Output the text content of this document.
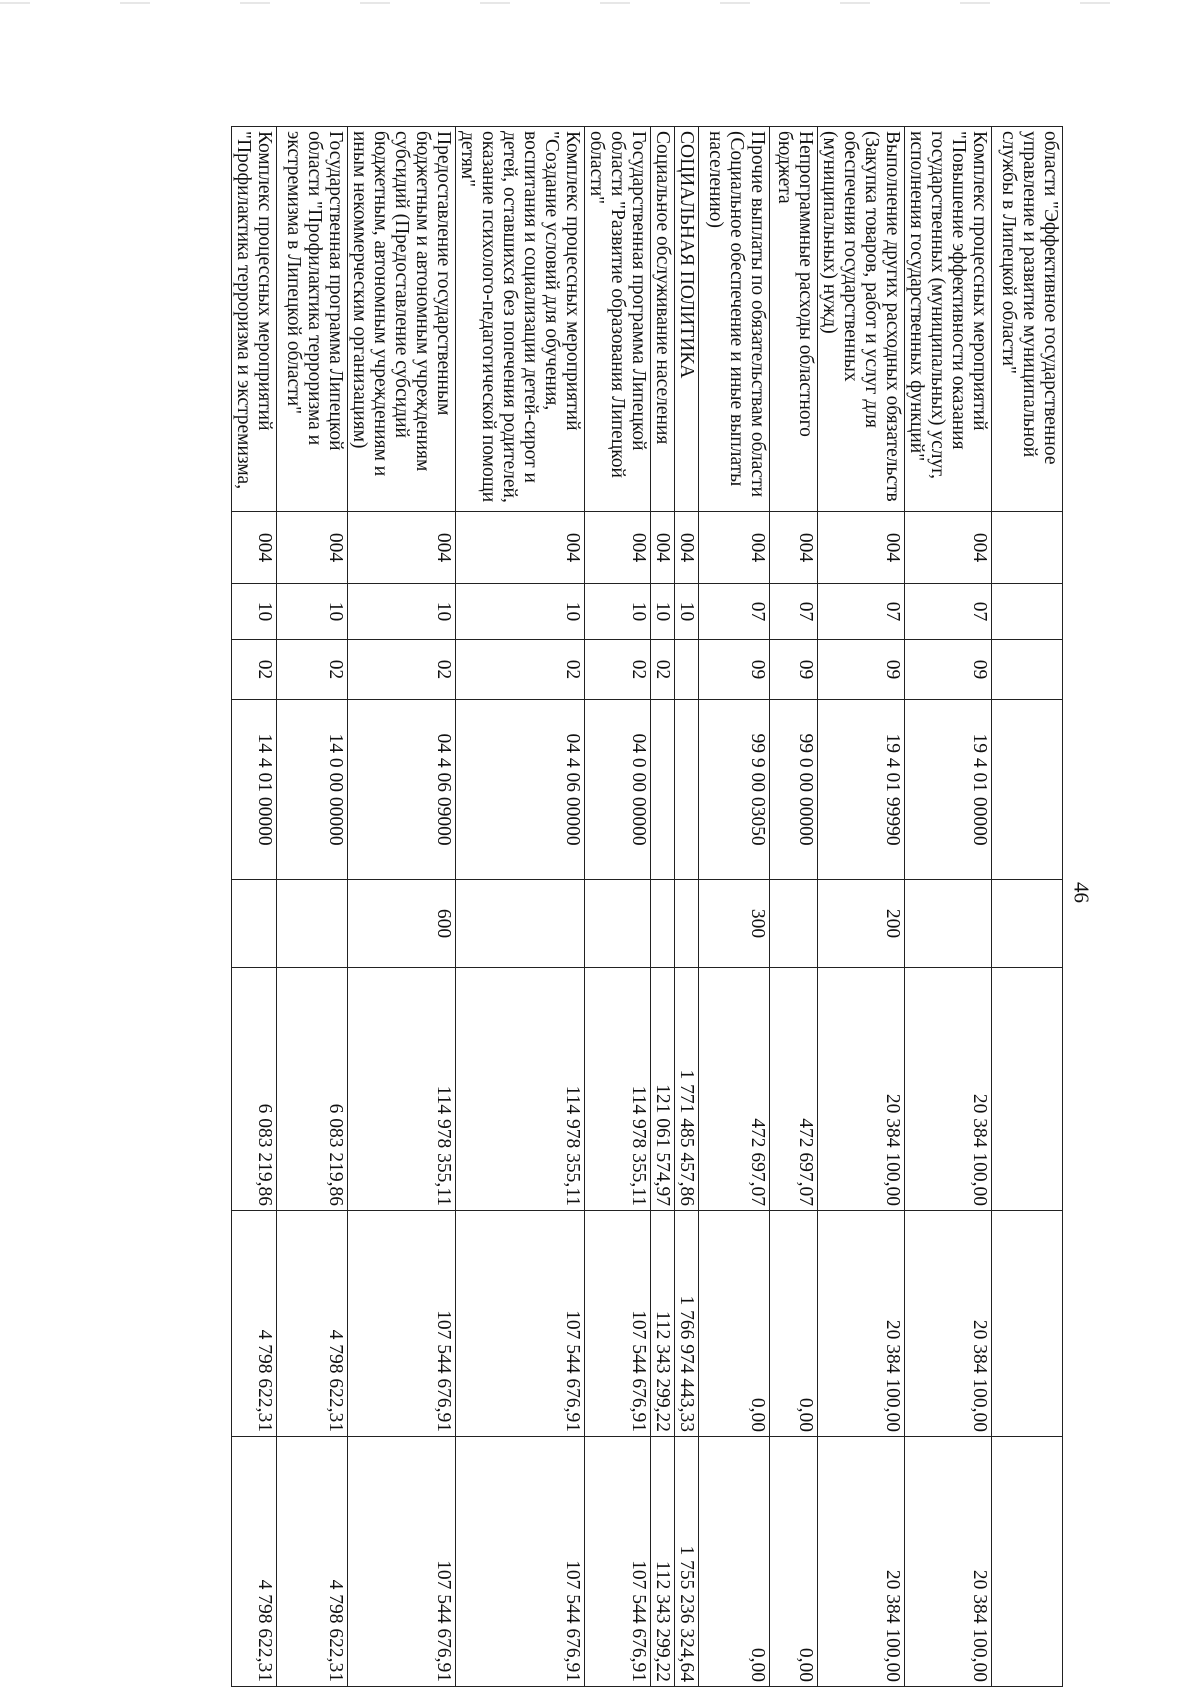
46
области "Эффективное государственное управление и развитие муниципальной службы в Липецкой области"								
Комплекс процессных мероприятий "Повышение эффективности оказания государственных (муниципальных) услуг, исполнения государственных функций"	004	07	09	19 4 01 00000		20 384 100,00	20 384 100,00	20 384 100,00
Выполнение других расходных обязательств (Закупка товаров, работ и услуг для обеспечения государственных (муниципальных) нужд)	004	07	09	19 4 01 99990	200	20 384 100,00	20 384 100,00	20 384 100,00
Непрограммные расходы областного бюджета	004	07	09	99 0 00 00000		472 697,07	0,00	0,00
Прочие выплаты по обязательствам области (Социальное обеспечение и иные выплаты населению)	004	07	09	99 9 00 03050	300	472 697,07	0,00	0,00
СОЦИАЛЬНАЯ ПОЛИТИКА	004	10				1 771 485 457,86	1 766 974 443,33	1 755 236 324,64
Социальное обслуживание населения	004	10	02			121 061 574,97	112 343 299,22	112 343 299,22
Государственная программа Липецкой области "Развитие образования Липецкой области"	004	10	02	04 0 00 00000		114 978 355,11	107 544 676,91	107 544 676,91
Комплекс процессных мероприятий "Создание условий для обучения, воспитания и социализации детей-сирот и детей, оставшихся без попечения родителей, оказание психолого-педагогической помощи детям"	004	10	02	04 4 06 00000		114 978 355,11	107 544 676,91	107 544 676,91
Предоставление государственным бюджетным и автономным учреждениям субсидий (Предоставление субсидий бюджетным, автономным учреждениям и иным некоммерческим организациям)	004	10	02	04 4 06 09000	600	114 978 355,11	107 544 676,91	107 544 676,91
Государственная программа Липецкой области "Профилактика терроризма и экстремизма в Липецкой области"	004	10	02	14 0 00 00000		6 083 219,86	4 798 622,31	4 798 622,31
Комплекс процессных мероприятий "Профилактика терроризма и экстремизма,	004	10	02	14 4 01 00000		6 083 219,86	4 798 622,31	4 798 622,31
